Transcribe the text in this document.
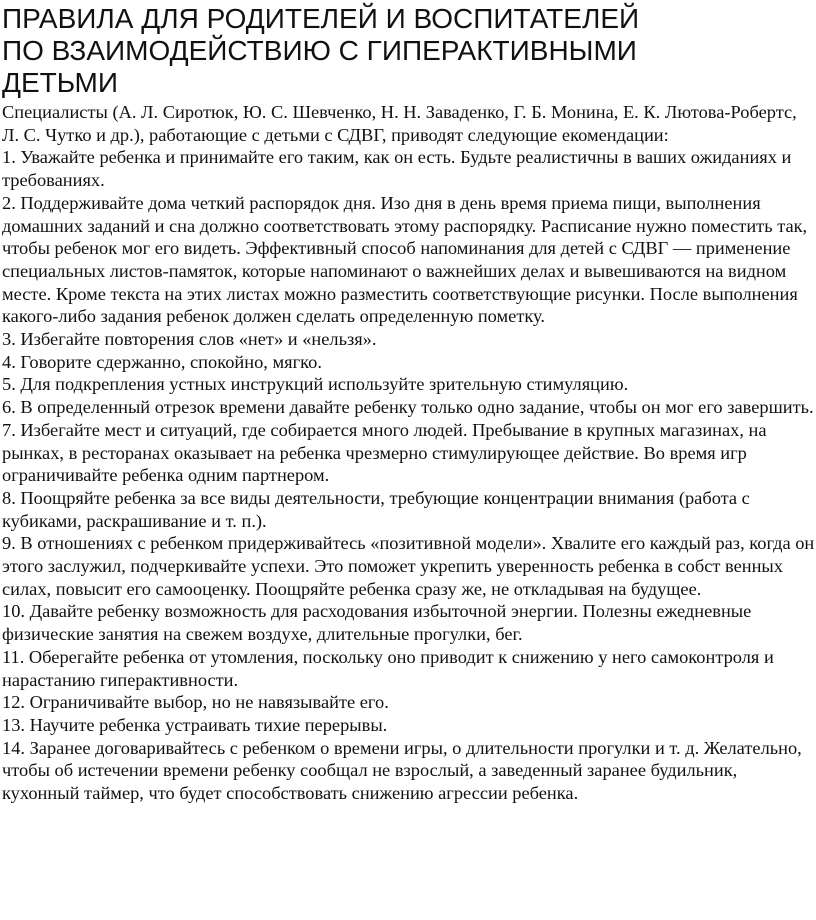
ПРАВИЛА ДЛЯ РОДИТЕЛЕЙ И ВОСПИТАТЕЛЕЙ
ПО ВЗАИМОДЕЙСТВИЮ С ГИПЕРАКТИВНЫМИ
ДЕТЬМИ

Специалисты (А. Л. Сиротюк, Ю. С. Шевченко, Н. Н. Заваденко, Г. Б. Монина, Е. К. Лютова-Робертс, Л. С. Чутко и др.), работающие с детьми с СДВГ, приводят следующие екомендации:

1. Уважайте ребенка и принимайте его таким, как он есть. Будьте реалистичны в ваших ожиданиях и требованиях.

2. Поддерживайте дома четкий распорядок дня. Изо дня в день время приема пищи, выполнения домашних заданий и сна должно соответствовать этому распорядку. Расписание нужно поместить так, чтобы ребенок мог его видеть. Эффективный способ напоминания для детей с СДВГ — применение специальных листов-памяток, которые напоминают о важнейших делах и вывешиваются на видном месте. Кроме текста на этих листах можно разместить соответствующие рисунки. После выполнения какого-либо задания ребенок должен сделать определенную пометку.

3. Избегайте повторения слов «нет» и «нельзя».

4. Говорите сдержанно, спокойно, мягко.

5. Для подкрепления устных инструкций используйте зрительную стимуляцию.

6. В определенный отрезок времени давайте ребенку только одно задание, чтобы он мог его завершить.

7. Избегайте мест и ситуаций, где собирается много людей. Пребывание в крупных магазинах, на рынках, в ресторанах оказывает на ребенка чрезмерно стимулирующее действие. Во время игр ограничивайте ребенка одним партнером.

8. Поощряйте ребенка за все виды деятельности, требующие концентрации внимания (работа с кубиками, раскрашивание и т. п.).

9. В отношениях с ребенком придерживайтесь «позитивной модели». Хвалите его каждый раз, когда он этого заслужил, подчеркивайте успехи. Это поможет укрепить уверенность ребенка в собст венных силах, повысит его самооценку. Поощряйте ребенка сразу же, не откладывая на будущее.

10. Давайте ребенку возможность для расходования избыточной энергии. Полезны ежедневные физические занятия на свежем воздухе, длительные прогулки, бег.

11. Оберегайте ребенка от утомления, поскольку оно приводит к снижению у него самоконтроля и нарастанию гиперактивности.

12. Ограничивайте выбор, но не навязывайте его.

13. Научите ребенка устраивать тихие перерывы.

14. Заранее договаривайтесь с ребенком о времени игры, о длительности прогулки и т. д. Желательно, чтобы об истечении времени ребенку сообщал не взрослый, а заведенный заранее будильник, кухонный таймер, что будет способствовать снижению агрессии ребенка.
